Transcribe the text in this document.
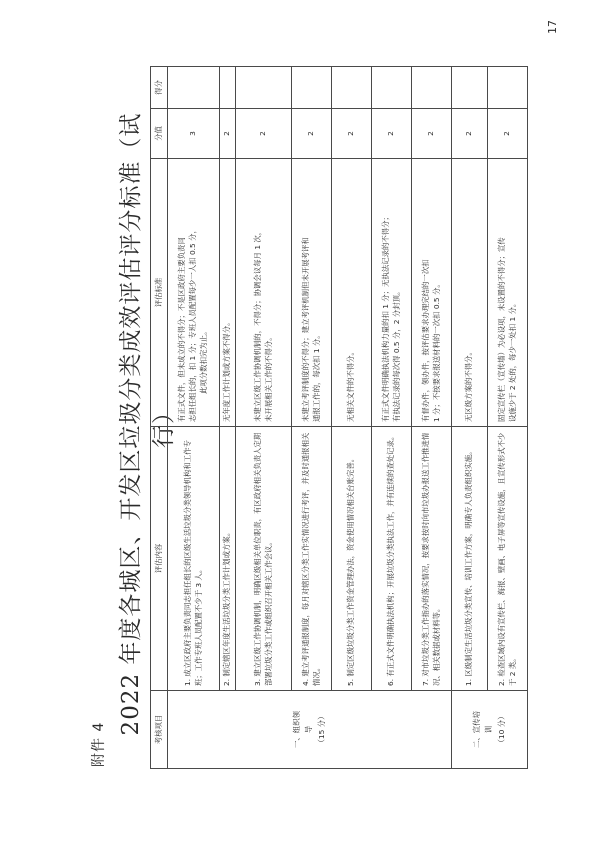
附件 4
2022 年度各城区、开发区垃圾分类成效评估评分标准（试行）
17
考核项目	评估内容	评估标准	分值	得分

一、组织领 导 （15 分）	1. 成立区政府主要负责同志担任组长的区级生活垃圾分类领导机构和工作专班；工作专班人员配置不少于 3 人。	有正式文件，但未成立的不得分；不是区政府主要负责同 志担任组长的，扣 1 分；专班人员配置每少一人扣 0.5 分， 此项分数扣完为止。	3	
	2. 制定辖区年度生活垃圾分类工作计划或方案。	无年度工作计划或方案不得分。	2	
	3. 建立区级工作协调机制，明确区级相关单位职责，有区政府相关负责人定期部署垃圾分类工作或组织召开相关工作会议。	未建立区级工作协调机制的，不得分；协调会议每月 1 次， 未开展相关工作的不得分。	2	
	4. 建立考评通报制度，每月对辖区分类工作实情况进行考评，并及时通报相关情况。	未建立考评制度的不得分；建立考评机制但未开展考评和 通报工作的，每次扣 1 分。	2	
	5. 制定区级垃圾分类工作资金管理办法，资金使用情况相关台账完善。	无相关文件的不得分。	2	
	6. 有正式文件明确执法机构；开展垃圾分类执法工作，并有连续的查处记录。	有正式文件明确执法机构力量的扣 1 分；无执法记录的不得分； 有执法记录的每次得 0.5 分，2 分封顶。	2	
	7. 对市垃圾分类工作指办的落实情况，按要求按时向市垃圾办报送工作推进情况、相关数据或材料等。	有督办件，领办件，按评估要求办理完结的一次扣 1 分；不按要求报送材料的一次扣 0.5 分。	2	

二、宣传培 训 （10 分）	1. 区级制定生活垃圾分类宣传、培训工作方案，明确专人负责组织实施。	无区级方案的不得分。	2	
	2. 检查区域内设有宣传栏、海报、壁画、电子屏等宣传设施，且宣传形式不少于 2 类。	固定宣传栏（宣传墙）为必设项，未设置的不得分；宣传 设施少于 2 处的，每少一处扣 1 分。	2	
